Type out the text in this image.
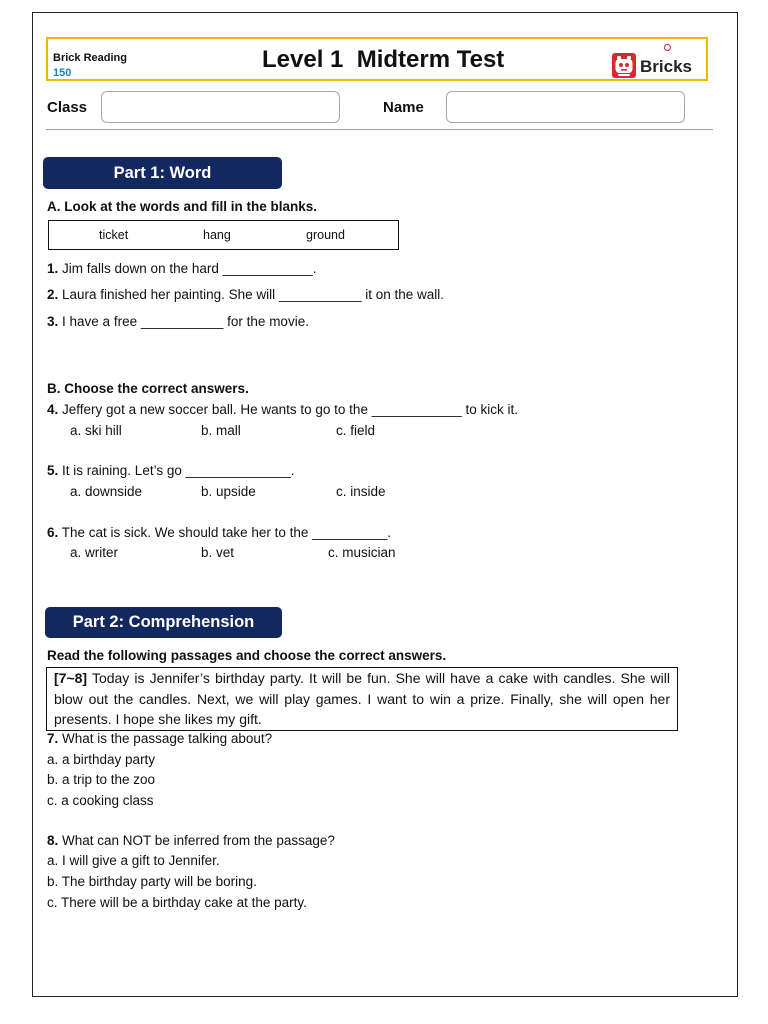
Brick Reading
150	Level 1  Midterm Test	Bricks
Class	Name
Part 1: Word
A. Look at the words and fill in the blanks.
ticket	hang	ground
1. Jim falls down on the hard ____________.
2. Laura finished her painting. She will ___________ it on the wall.
3. I have a free ___________ for the movie.
B. Choose the correct answers.
4. Jeffery got a new soccer ball. He wants to go to the ____________ to kick it.
a. ski hill	b. mall	c. field
5. It is raining. Let’s go ______________.
a. downside	b. upside	c. inside
6. The cat is sick. We should take her to the __________.
a. writer	b. vet	c. musician
Part 2: Comprehension
Read the following passages and choose the correct answers.
[7~8] Today is Jennifer’s birthday party. It will be fun. She will have a cake with candles. She will blow out the candles. Next, we will play games. I want to win a prize. Finally, she will open her presents. I hope she likes my gift.
7. What is the passage talking about?
a. a birthday party
b. a trip to the zoo
c. a cooking class
8. What can NOT be inferred from the passage?
a. I will give a gift to Jennifer.
b. The birthday party will be boring.
c. There will be a birthday cake at the party.
